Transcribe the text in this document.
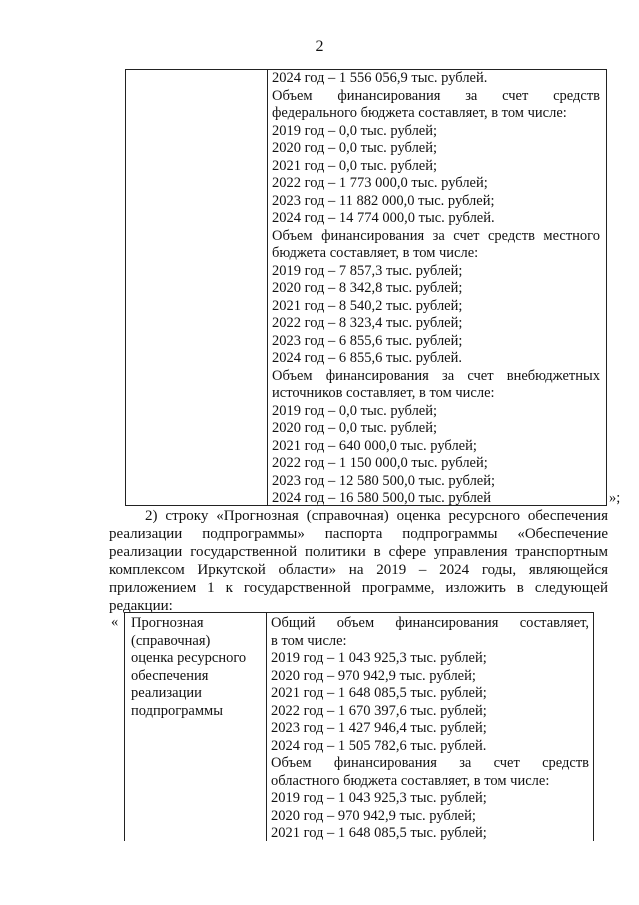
2
2024 год – 1 556 056,9 тыс. рублей.
Объем финансирования за счет средств
федерального бюджета составляет, в том числе:
2019 год – 0,0 тыс. рублей;
2020 год – 0,0 тыс. рублей;
2021 год – 0,0 тыс. рублей;
2022 год – 1 773 000,0 тыс. рублей;
2023 год – 11 882 000,0 тыс. рублей;
2024 год – 14 774 000,0 тыс. рублей.
Объем финансирования за счет средств местного
бюджета составляет, в том числе:
2019 год – 7 857,3 тыс. рублей;
2020 год – 8 342,8 тыс. рублей;
2021 год – 8 540,2 тыс. рублей;
2022 год – 8 323,4 тыс. рублей;
2023 год – 6 855,6 тыс. рублей;
2024 год – 6 855,6 тыс. рублей.
Объем финансирования за счет внебюджетных
источников составляет, в том числе:
2019 год – 0,0 тыс. рублей;
2020 год – 0,0 тыс. рублей;
2021 год – 640 000,0 тыс. рублей;
2022 год – 1 150 000,0 тыс. рублей;
2023 год – 12 580 500,0 тыс. рублей;
2024 год – 16 580 500,0 тыс. рублей	»;
2) строку «Прогнозная (справочная) оценка ресурсного обеспечения
реализации подпрограммы» паспорта подпрограммы «Обеспечение
реализации государственной политики в сфере управления транспортным
комплексом Иркутской области» на 2019 – 2024 годы, являющейся
приложением 1 к государственной программе, изложить в следующей
редакции:
« Прогнозная
(справочная)
оценка ресурсного
обеспечения
реализации
подпрограммы
Общий объем финансирования составляет,
в том числе:
2019 год – 1 043 925,3 тыс. рублей;
2020 год – 970 942,9 тыс. рублей;
2021 год – 1 648 085,5 тыс. рублей;
2022 год – 1 670 397,6 тыс. рублей;
2023 год – 1 427 946,4 тыс. рублей;
2024 год – 1 505 782,6 тыс. рублей.
Объем финансирования за счет средств
областного бюджета составляет, в том числе:
2019 год – 1 043 925,3 тыс. рублей;
2020 год – 970 942,9 тыс. рублей;
2021 год – 1 648 085,5 тыс. рублей;
